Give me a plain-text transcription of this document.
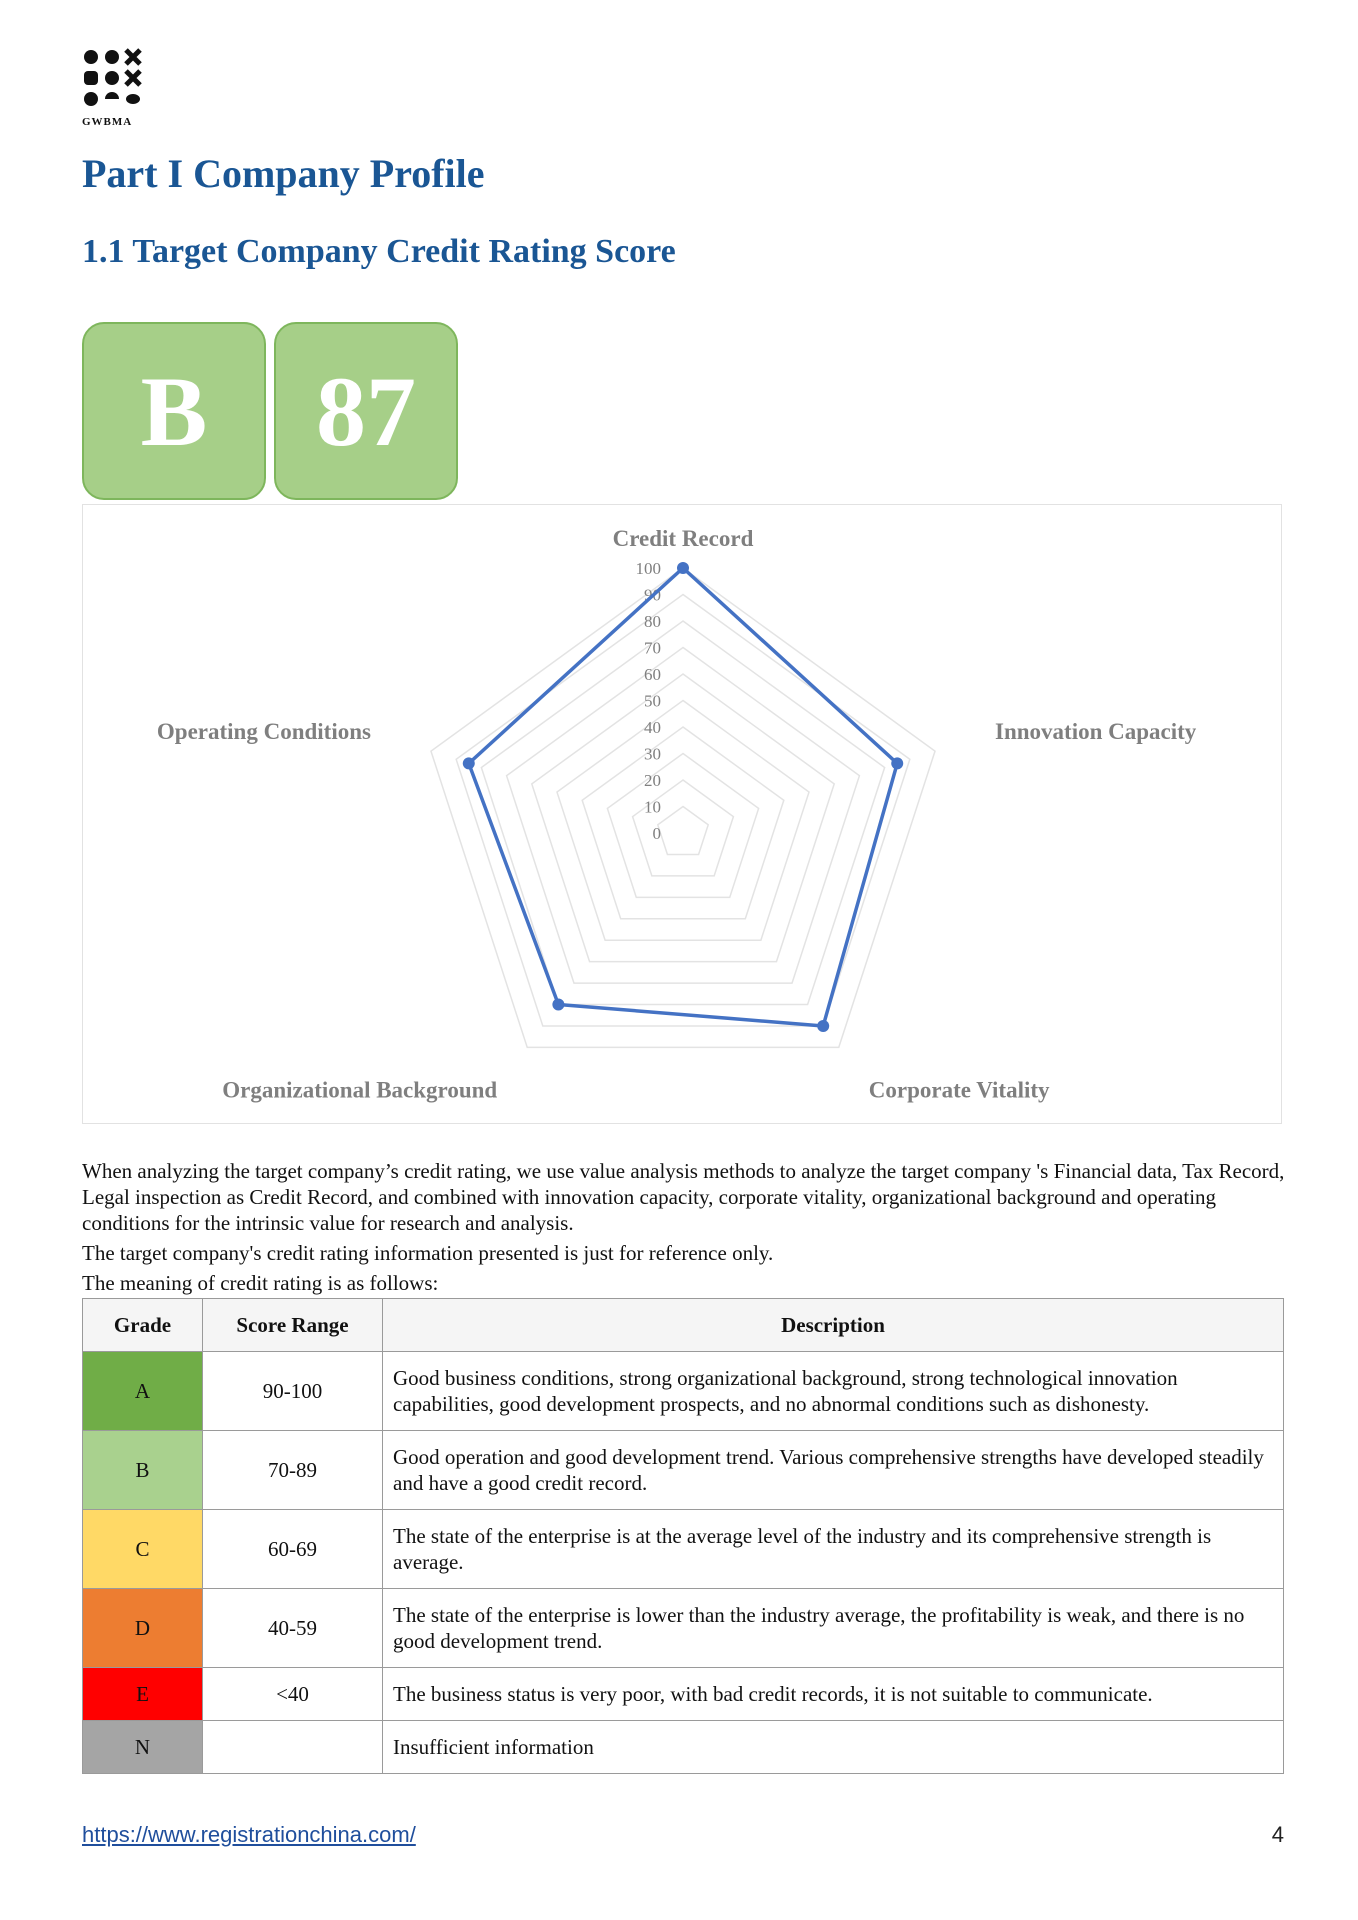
GWBMA
Part I Company Profile
1.1 Target Company Credit Rating Score
B	87
0
10
20
30
40
50
60
70
80
90
100
Credit Record
Innovation Capacity
Corporate Vitality
Organizational Background
Operating Conditions

When analyzing the target company’s credit rating, we use value analysis methods to analyze the target company 's Financial data, Tax Record, Legal inspection as Credit Record, and combined with innovation capacity, corporate vitality, organizational background and operating conditions for the intrinsic value for research and analysis.

The target company's credit rating information presented is just for reference only.

The meaning of credit rating is as follows:

Grade	Score Range	Description
A	90-100	Good business conditions, strong organizational background, strong technological innovation capabilities, good development prospects, and no abnormal conditions such as dishonesty.
B	70-89	Good operation and good development trend. Various comprehensive strengths have developed steadily and have a good credit record.
C	60-69	The state of the enterprise is at the average level of the industry and its comprehensive strength is average.
D	40-59	The state of the enterprise is lower than the industry average, the profitability is weak, and there is no good development trend.
E	<40	The business status is very poor, with bad credit records, it is not suitable to communicate.
N		Insufficient information
https://www.registrationchina.com/	4
